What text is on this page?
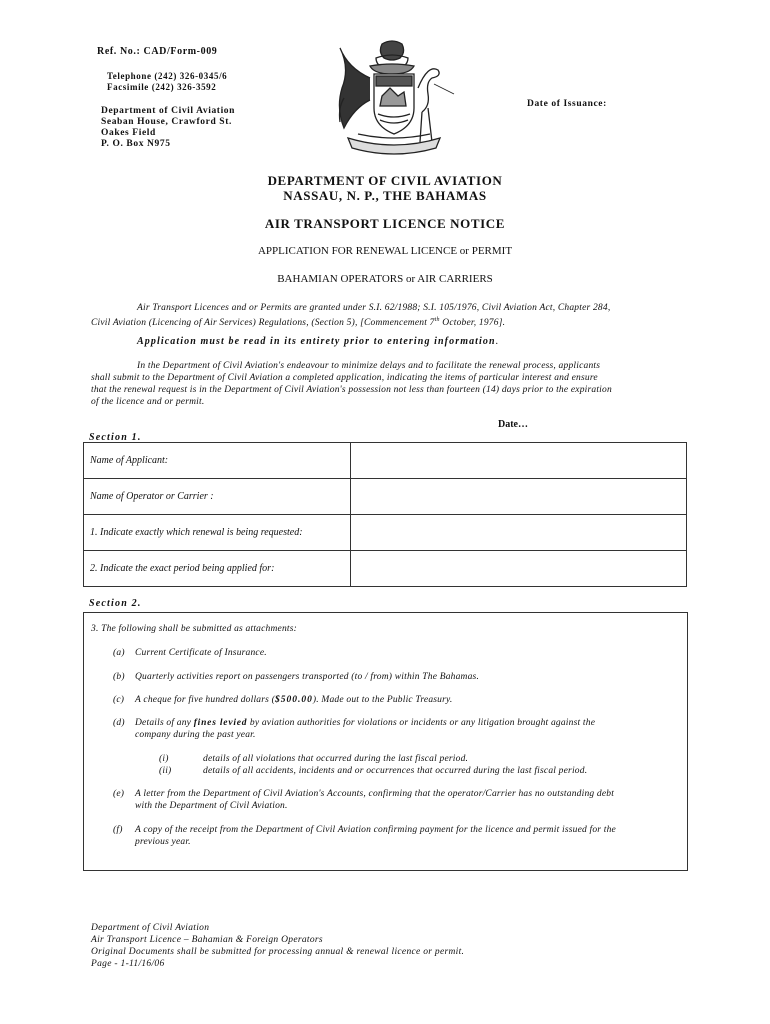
Ref. No.: CAD/Form-009
Telephone (242) 326-0345/6
Facsimile (242) 326-3592
Department of Civil Aviation
Seaban House, Crawford St.
Oakes Field
P. O. Box N975
Date of Issuance:
DEPARTMENT OF CIVIL AVIATION
NASSAU, N. P., THE BAHAMAS
AIR TRANSPORT LICENCE NOTICE
APPLICATION FOR RENEWAL LICENCE or PERMIT
BAHAMIAN OPERATORS or AIR CARRIERS
Air Transport Licences and or Permits are granted under S.I. 62/1988; S.I. 105/1976, Civil Aviation Act, Chapter 284,
Civil Aviation (Licencing of Air Services) Regulations, (Section 5), [Commencement 7th October, 1976].
Application must be read in its entirety prior to entering information.
In the Department of Civil Aviation's endeavour to minimize delays and to facilitate the renewal process, applicants
shall submit to the Department of Civil Aviation a completed application, indicating the items of particular interest and ensure
that the renewal request is in the Department of Civil Aviation's possession not less than fourteen (14) days prior to the expiration
of the licence and or permit.
Date…
Section 1.
Name of Applicant:	
Name of Operator or Carrier :	
1. Indicate exactly which renewal is being requested:	
2. Indicate the exact period being applied for:	
Section 2.
3. The following shall be submitted as attachments:
(a)	Current Certificate of Insurance.
(b)	Quarterly activities report on passengers transported (to / from) within The Bahamas.
(c)	A cheque for five hundred dollars ($500.00). Made out to the Public Treasury.
(d)	Details of any fines levied by aviation authorities for violations or incidents or any litigation brought against the
company during the past year.
(i)	details of all violations that occurred during the last fiscal period.
(ii)	details of all accidents, incidents and or occurrences that occurred during the last fiscal period.
(e)	A letter from the Department of Civil Aviation's Accounts, confirming that the operator/Carrier has no outstanding debt
with the Department of Civil Aviation.
(f)	A copy of the receipt from the Department of Civil Aviation confirming payment for the licence and permit issued for the
previous year.
Department of Civil Aviation
Air Transport Licence – Bahamian & Foreign Operators
Original Documents shall be submitted for processing annual & renewal licence or permit.
Page - 1-11/16/06
